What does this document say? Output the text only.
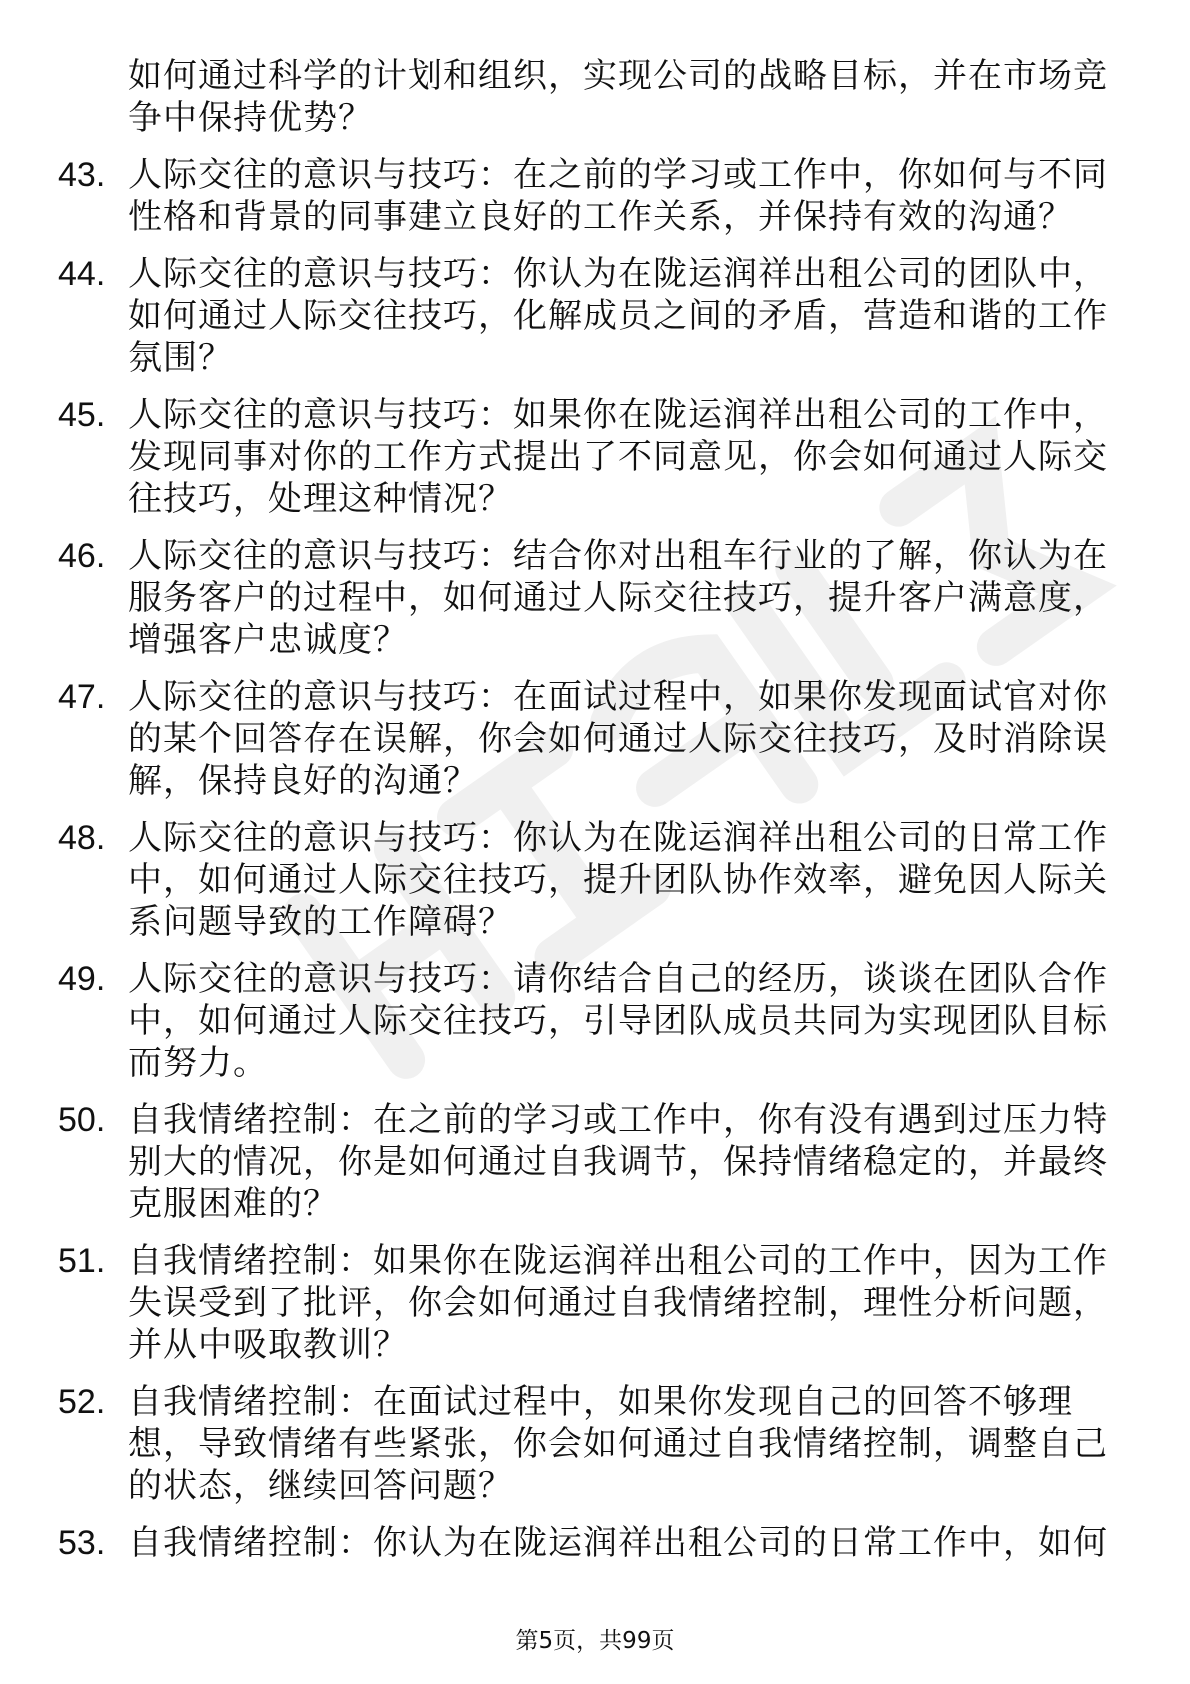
如何通过科学的计划和组织，实现公司的战略目标，并在市场竞
争中保持优势？
43. 人际交往的意识与技巧：在之前的学习或工作中，你如何与不同
性格和背景的同事建立良好的工作关系，并保持有效的沟通？
44. 人际交往的意识与技巧：你认为在陇运润祥出租公司的团队中，
如何通过人际交往技巧，化解成员之间的矛盾，营造和谐的工作
氛围？
45. 人际交往的意识与技巧：如果你在陇运润祥出租公司的工作中，
发现同事对你的工作方式提出了不同意见，你会如何通过人际交
往技巧，处理这种情况？
46. 人际交往的意识与技巧：结合你对出租车行业的了解，你认为在
服务客户的过程中，如何通过人际交往技巧，提升客户满意度，
增强客户忠诚度？
47. 人际交往的意识与技巧：在面试过程中，如果你发现面试官对你
的某个回答存在误解，你会如何通过人际交往技巧，及时消除误
解，保持良好的沟通？
48. 人际交往的意识与技巧：你认为在陇运润祥出租公司的日常工作
中，如何通过人际交往技巧，提升团队协作效率，避免因人际关
系问题导致的工作障碍？
49. 人际交往的意识与技巧：请你结合自己的经历，谈谈在团队合作
中，如何通过人际交往技巧，引导团队成员共同为实现团队目标
而努力。
50. 自我情绪控制：在之前的学习或工作中，你有没有遇到过压力特
别大的情况，你是如何通过自我调节，保持情绪稳定的，并最终
克服困难的？
51. 自我情绪控制：如果你在陇运润祥出租公司的工作中，因为工作
失误受到了批评，你会如何通过自我情绪控制，理性分析问题，
并从中吸取教训？
52. 自我情绪控制：在面试过程中，如果你发现自己的回答不够理
想，导致情绪有些紧张，你会如何通过自我情绪控制，调整自己
的状态，继续回答问题？
53. 自我情绪控制：你认为在陇运润祥出租公司的日常工作中，如何
第5页，共99页
